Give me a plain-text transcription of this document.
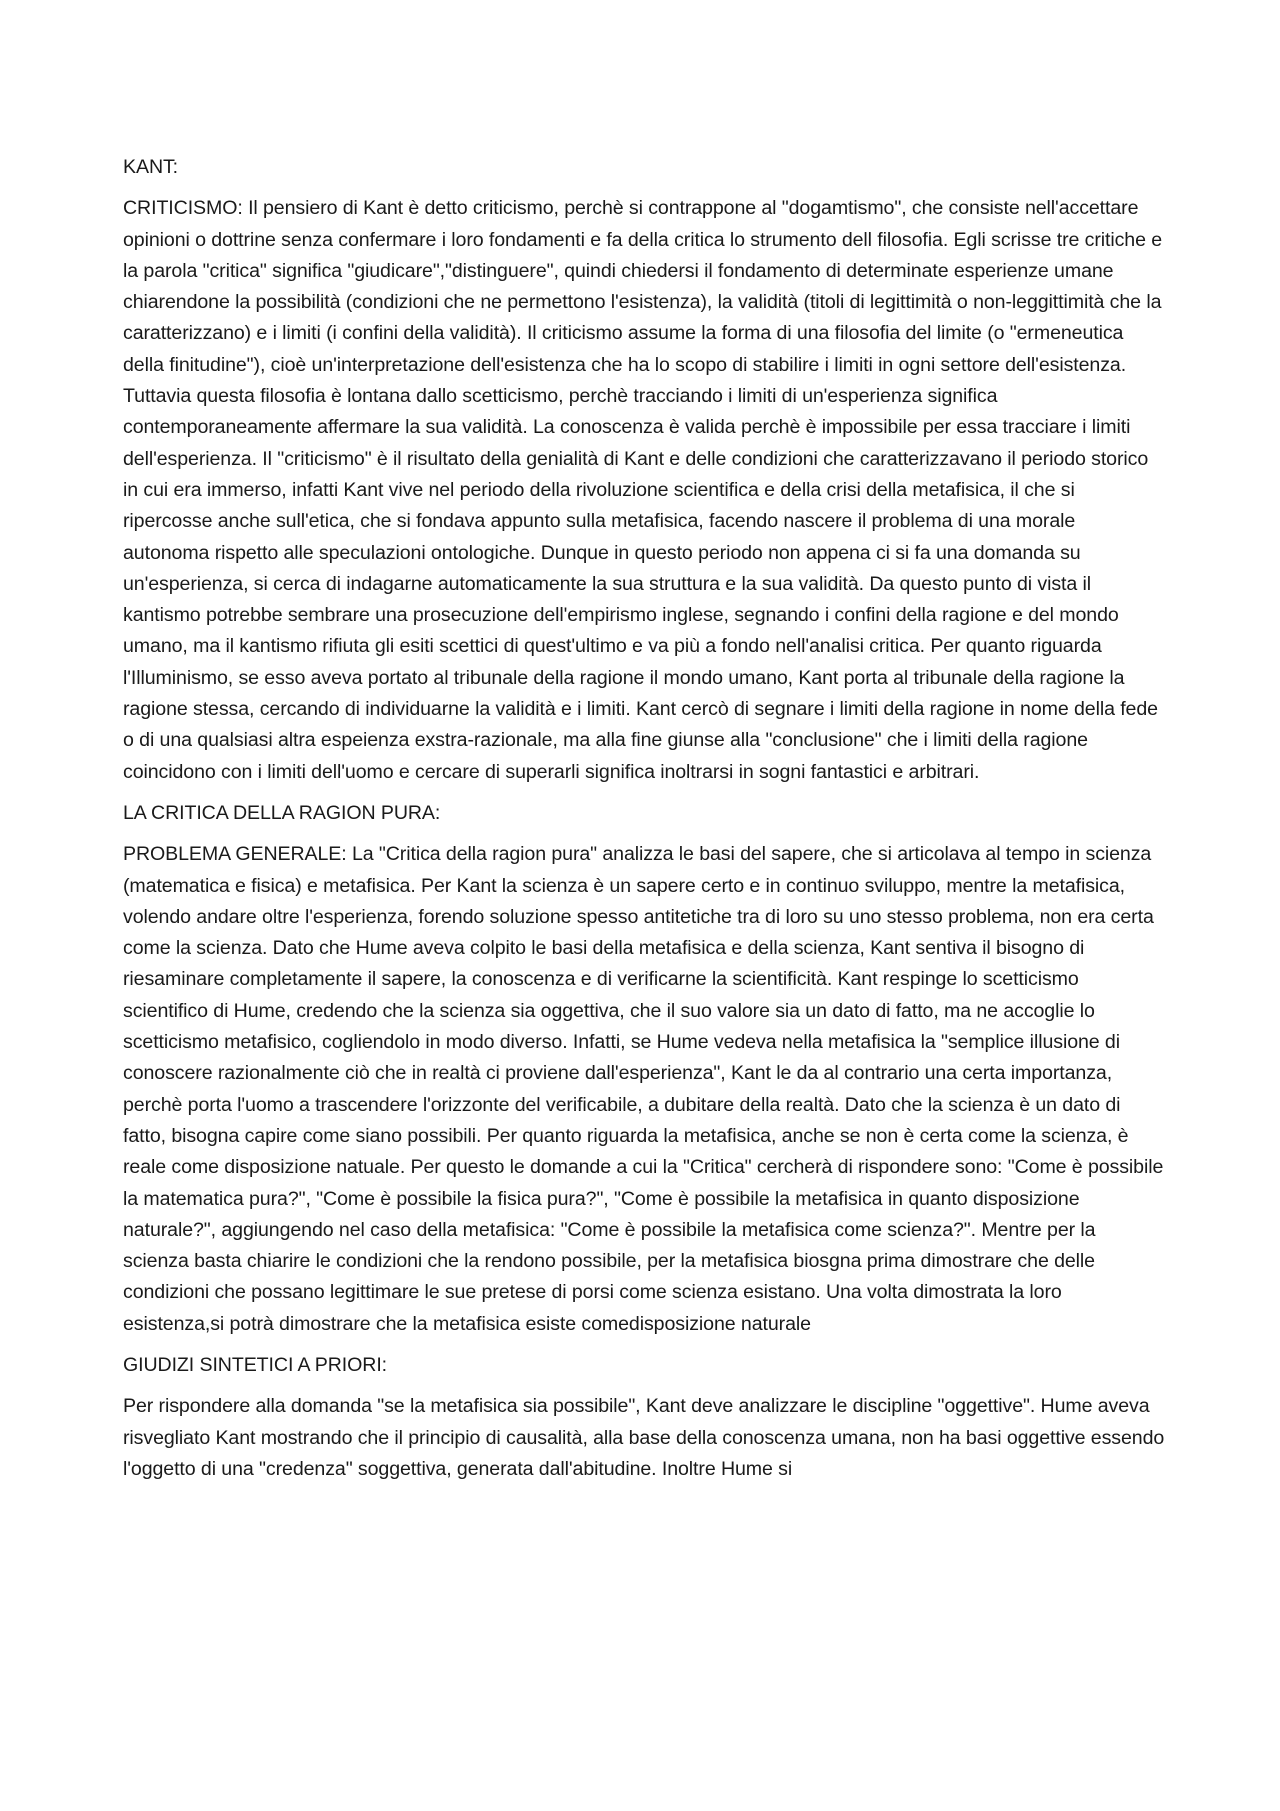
KANT:
CRITICISMO: Il pensiero di Kant è detto criticismo, perchè si contrappone al "dogamtismo", che consiste nell'accettare opinioni o dottrine senza confermare i loro fondamenti e fa della critica lo strumento dell filosofia. Egli scrisse tre critiche e la parola "critica" significa "giudicare","distinguere", quindi chiedersi il fondamento di determinate esperienze umane chiarendone la possibilità (condizioni che ne permettono l'esistenza), la validità (titoli di legittimità o non-leggittimità che la caratterizzano) e i limiti (i confini della validità). Il criticismo assume la forma di una filosofia del limite (o "ermeneutica della finitudine"), cioè un'interpretazione dell'esistenza che ha lo scopo di stabilire i limiti in ogni settore dell'esistenza. Tuttavia questa filosofia è lontana dallo scetticismo, perchè tracciando i limiti di un'esperienza significa contemporaneamente affermare la sua validità. La conoscenza è valida perchè è impossibile per essa tracciare i limiti dell'esperienza. Il "criticismo" è il risultato della genialità di Kant e delle condizioni che caratterizzavano il periodo storico in cui era immerso, infatti Kant vive nel periodo della rivoluzione scientifica e della crisi della metafisica, il che si ripercosse anche sull'etica, che si fondava appunto sulla metafisica, facendo nascere il problema di una morale autonoma rispetto alle speculazioni ontologiche. Dunque in questo periodo non appena ci si fa una domanda su un'esperienza, si cerca di indagarne automaticamente la sua struttura e la sua validità. Da questo punto di vista il kantismo potrebbe sembrare una prosecuzione dell'empirismo inglese, segnando i confini della ragione e del mondo umano, ma il kantismo rifiuta gli esiti scettici di quest'ultimo e va più a fondo nell'analisi critica. Per quanto riguarda l'Illuminismo, se esso aveva portato al tribunale della ragione il mondo umano, Kant porta al tribunale della ragione la ragione stessa, cercando di individuarne la validità e i limiti. Kant cercò di segnare i limiti della ragione in nome della fede o di una qualsiasi altra espeienza exstra-razionale, ma alla fine giunse alla "conclusione" che i limiti della ragione coincidono con i limiti dell'uomo e cercare di superarli significa inoltrarsi in sogni fantastici e arbitrari.
LA CRITICA DELLA RAGION PURA:
PROBLEMA GENERALE: La "Critica della ragion pura" analizza le basi del sapere, che si articolava al tempo in scienza (matematica e fisica) e metafisica. Per Kant la scienza è un sapere certo e in continuo sviluppo, mentre la metafisica, volendo andare oltre l'esperienza, forendo soluzione spesso antitetiche tra di loro su uno stesso problema, non era certa come la scienza. Dato che Hume aveva colpito le basi della metafisica e della scienza, Kant sentiva il bisogno di riesaminare completamente il sapere, la conoscenza e di verificarne la scientificità. Kant respinge lo scetticismo scientifico di Hume, credendo che la scienza sia oggettiva, che il suo valore sia un dato di fatto, ma ne accoglie lo scetticismo metafisico, cogliendolo in modo diverso. Infatti, se Hume vedeva nella metafisica la "semplice illusione di conoscere razionalmente ciò che in realtà ci proviene dall'esperienza", Kant le da al contrario una certa importanza, perchè porta l'uomo a trascendere l'orizzonte del verificabile, a dubitare della realtà. Dato che la scienza è un dato di fatto, bisogna capire come siano possibili. Per quanto riguarda la metafisica, anche se non è certa come la scienza, è reale come disposizione natuale. Per questo le domande a cui la "Critica" cercherà di rispondere sono: "Come è possibile la matematica pura?", "Come è possibile la fisica pura?", "Come è possibile la metafisica in quanto disposizione naturale?", aggiungendo nel caso della metafisica: "Come è possibile la metafisica come scienza?". Mentre per la scienza basta chiarire le condizioni che la rendono possibile, per la metafisica biosgna prima dimostrare che delle condizioni che possano legittimare le sue pretese di porsi come scienza esistano. Una volta dimostrata la loro esistenza,si potrà dimostrare che la metafisica esiste comedisposizione naturale
GIUDIZI SINTETICI A PRIORI:
Per rispondere alla domanda "se la metafisica sia possibile", Kant deve analizzare le discipline "oggettive". Hume aveva risvegliato Kant mostrando che il principio di causalità, alla base della conoscenza umana, non ha basi oggettive essendo l'oggetto di una "credenza" soggettiva, generata dall'abitudine. Inoltre Hume si
